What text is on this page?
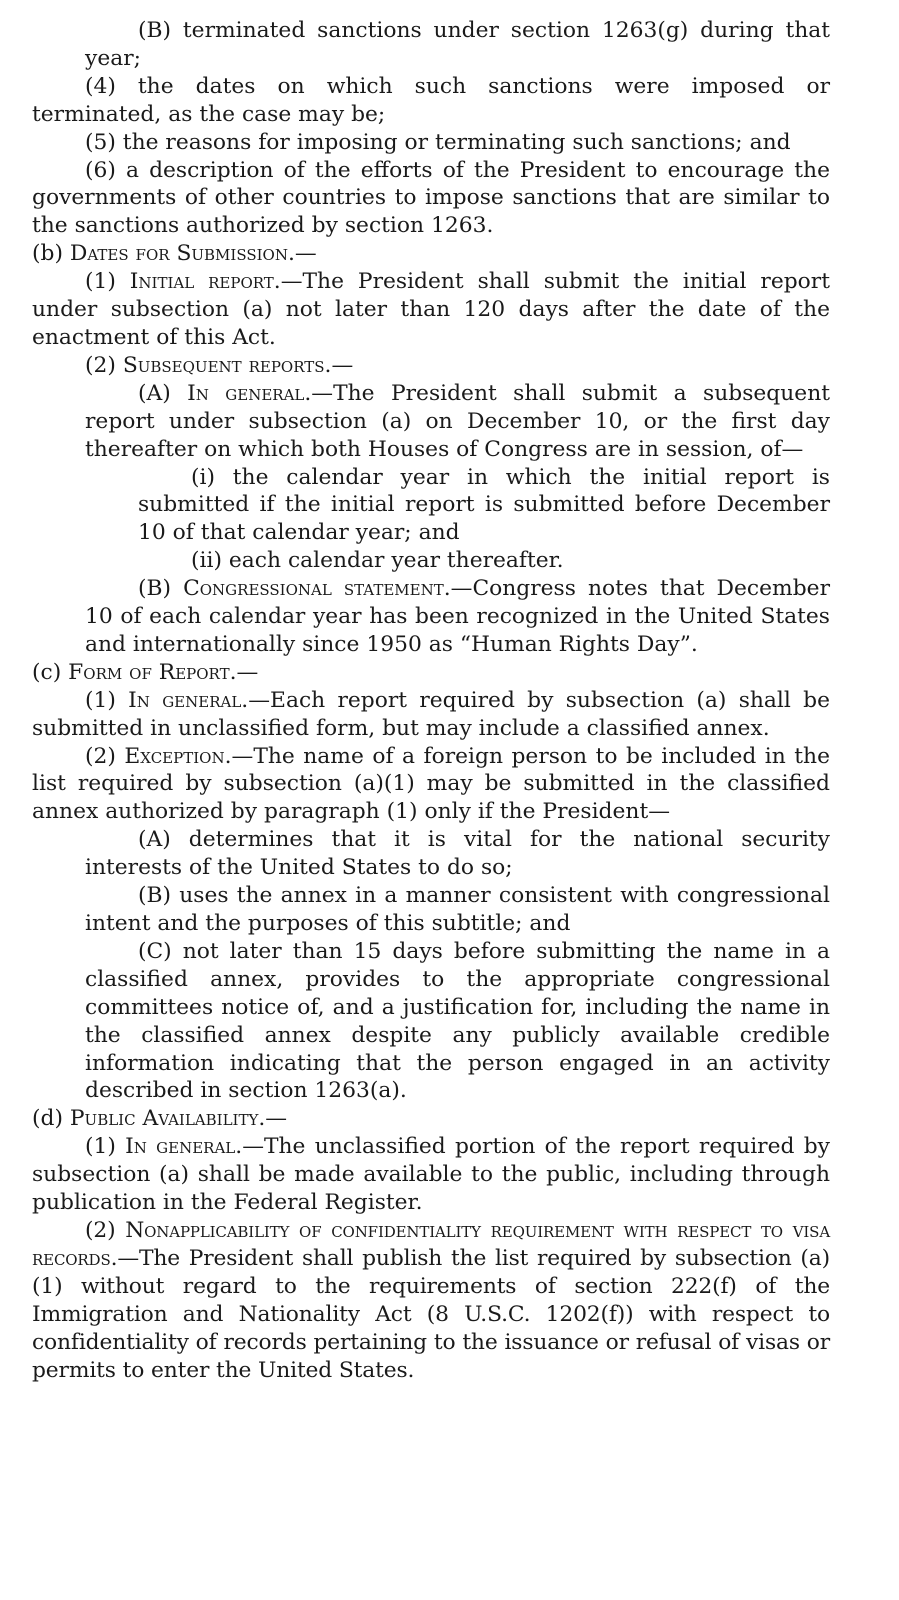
(B) terminated sanctions under section 1263(g) during that year;

(4) the dates on which such sanctions were imposed or terminated, as the case may be;

(5) the reasons for imposing or terminating such sanctions; and

(6) a description of the efforts of the President to encourage the governments of other countries to impose sanctions that are similar to the sanctions authorized by section 1263.

(b) Dates for Submission.—

(1) Initial report.—The President shall submit the initial report under subsection (a) not later than 120 days after the date of the enactment of this Act.

(2) Subsequent reports.—

(A) In general.—The President shall submit a subsequent report under subsection (a) on December 10, or the first day thereafter on which both Houses of Congress are in session, of—

(i) the calendar year in which the initial report is submitted if the initial report is submitted before December 10 of that calendar year; and

(ii) each calendar year thereafter.

(B) Congressional statement.—Congress notes that December 10 of each calendar year has been recognized in the United States and internationally since 1950 as “Human Rights Day”.

(c) Form of Report.—

(1) In general.—Each report required by subsection (a) shall be submitted in unclassified form, but may include a classified annex.

(2) Exception.—The name of a foreign person to be included in the list required by subsection (a)(1) may be submitted in the classified annex authorized by paragraph (1) only if the President—

(A) determines that it is vital for the national security interests of the United States to do so;

(B) uses the annex in a manner consistent with congressional intent and the purposes of this subtitle; and

(C) not later than 15 days before submitting the name in a classified annex, provides to the appropriate congressional committees notice of, and a justification for, including the name in the classified annex despite any publicly available credible information indicating that the person engaged in an activity described in section 1263(a).

(d) Public Availability.—

(1) In general.—The unclassified portion of the report required by subsection (a) shall be made available to the public, including through publication in the Federal Register.

(2) Nonapplicability of confidentiality requirement with respect to visa records.—The President shall publish the list required by subsection (a)(1) without regard to the requirements of section 222(f) of the Immigration and Nationality Act (8 U.S.C. 1202(f)) with respect to confidentiality of records pertaining to the issuance or refusal of visas or permits to enter the United States.
